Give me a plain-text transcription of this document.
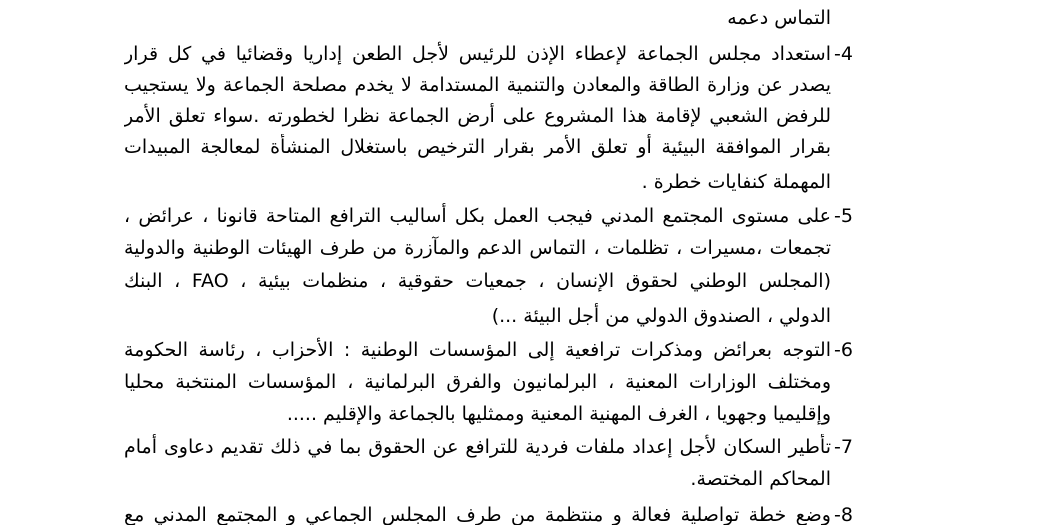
التماس دعمه
-4
استعداد مجلس الجماعة لإعطاء الإذن للرئيس لأجل الطعن إداريا وقضائيا في كل قرار
يصدر عن وزارة الطاقة والمعادن والتنمية المستدامة لا يخدم مصلحة الجماعة ولا يستجيب
للرفض الشعبي لإقامة هذا المشروع على أرض الجماعة نظرا لخطورته .سواء تعلق الأمر
بقرار الموافقة البيئية أو تعلق الأمر بقرار الترخيص باستغلال المنشأة لمعالجة المبيدات
المهملة كنفايات خطرة .
-5
على مستوى المجتمع المدني فيجب العمل بكل أساليب الترافع المتاحة قانونا ، عرائض ،
تجمعات ،مسيرات ، تظلمات ، التماس الدعم والمآزرة من طرف الهيئات الوطنية والدولية
(المجلس الوطني لحقوق الإنسان ، جمعيات حقوقية ، منظمات بيئية ، FAO ، البنك
الدولي ، الصندوق الدولي من أجل البيئة ...)
-6
التوجه بعرائض ومذكرات ترافعية إلى المؤسسات الوطنية : الأحزاب ، رئاسة الحكومة
ومختلف الوزارات المعنية ، البرلمانيون والفرق البرلمانية ، المؤسسات المنتخبة محليا
وإقليميا وجهويا ، الغرف المهنية المعنية وممثليها بالجماعة والإقليم .....
-7
تأطير السكان لأجل إعداد ملفات فردية للترافع عن الحقوق بما في ذلك تقديم دعاوى أمام
المحاكم المختصة.
-8
وضع خطة تواصلية فعالة و منتظمة من طرف المجلس الجماعي و المجتمع المدني مع
